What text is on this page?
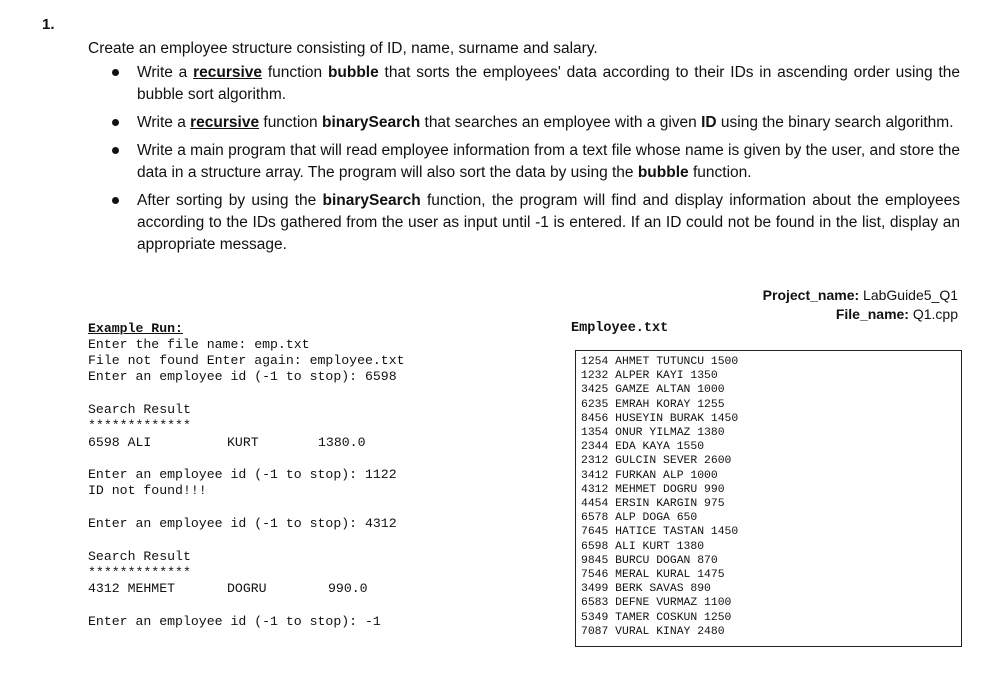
1.
Create an employee structure consisting of ID, name, surname and salary.
Write a recursive function bubble that sorts the employees' data according to their IDs in ascending order using the bubble sort algorithm.
Write a recursive function binarySearch that searches an employee with a given ID using the binary search algorithm.
Write a main program that will read employee information from a text file whose name is given by the user, and store the data in a structure array. The program will also sort the data by using the bubble function.
After sorting by using the binarySearch function, the program will find and display information about the employees according to the IDs gathered from the user as input until -1 is entered. If an ID could not be found in the list, display an appropriate message.
Project_name: LabGuide5_Q1
File_name: Q1.cpp
Example Run:
Enter the file name: emp.txt
File not found Enter again: employee.txt
Enter an employee id (-1 to stop): 6598
Search Result
*************
6598 ALI	KURT	1380.0
Enter an employee id (-1 to stop): 1122
ID not found!!!
Enter an employee id (-1 to stop): 4312
Search Result
*************
4312 MEHMET	DOGRU	990.0
Enter an employee id (-1 to stop): -1
Employee.txt
1254 AHMET TUTUNCU 1500
1232 ALPER KAYI 1350
3425 GAMZE ALTAN 1000
6235 EMRAH KORAY 1255
8456 HUSEYIN BURAK 1450
1354 ONUR YILMAZ 1380
2344 EDA KAYA 1550
2312 GULCIN SEVER 2600
3412 FURKAN ALP 1000
4312 MEHMET DOGRU 990
4454 ERSIN KARGIN 975
6578 ALP DOGA 650
7645 HATICE TASTAN 1450
6598 ALI KURT 1380
9845 BURCU DOGAN 870
7546 MERAL KURAL 1475
3499 BERK SAVAS 890
6583 DEFNE VURMAZ 1100
5349 TAMER COSKUN 1250
7087 VURAL KINAY 2480
